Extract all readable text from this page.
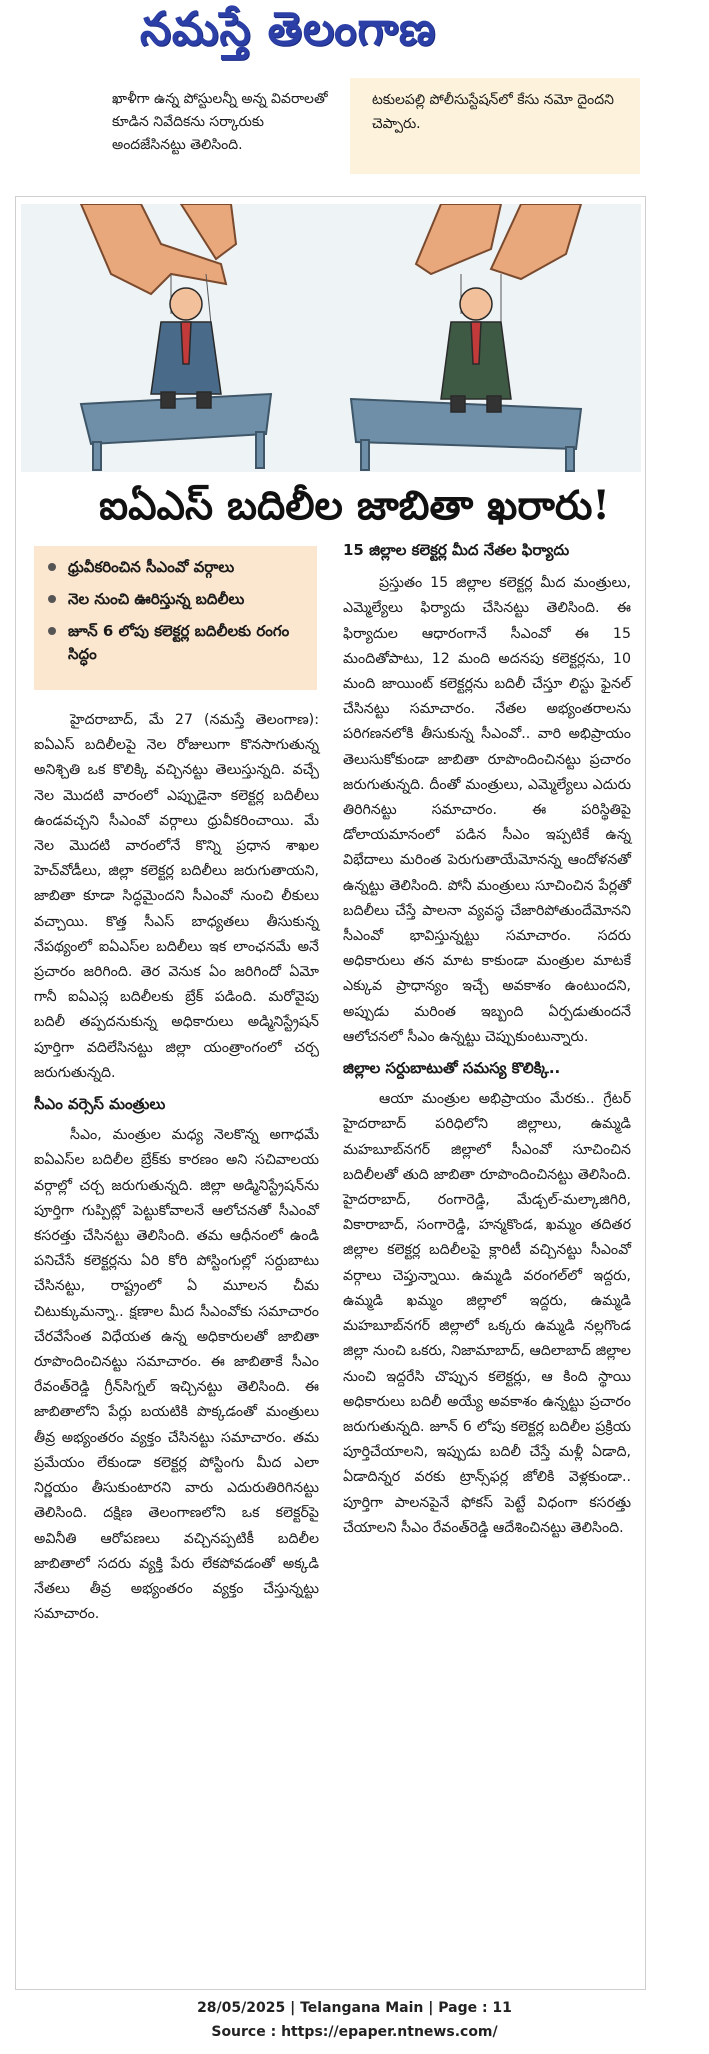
నమస్తే తెలంగాణ
ఖాళీగా ఉన్న పోస్టులన్నీ అన్న వివరాలతో కూడిన నివేదికను సర్కారుకు అందజేసినట్టు తెలిసింది.

టకులపల్లి పోలీసుస్టేషన్‌లో కేసు నమో దైందని చెప్పారు.

ఐఏఎస్ బదిలీల జాబితా ఖరారు!
ధ్రువీకరించిన సీఎంవో వర్గాలు
నెల నుంచి ఊరిస్తున్న బదిలీలు
జూన్ 6 లోపు కలెక్టర్ల బదిలీలకు రంగం సిద్ధం

హైదరాబాద్, మే 27 (నమస్తే తెలంగాణ): ఐఏఎస్ బదిలీలపై నెల రోజులుగా కొనసాగుతున్న అనిశ్చితి ఒక కొలిక్కి వచ్చినట్టు తెలుస్తున్నది. వచ్చే నెల మొదటి వారంలో ఎప్పుడైనా కలెక్టర్ల బదిలీలు ఉండవచ్చని సీఎంవో వర్గాలు ధ్రువీకరించాయి. మే నెల మొదటి వారంలోనే కొన్ని ప్రధాన శాఖల హెచ్‌వోడీలు, జిల్లా కలెక్టర్ల బదిలీలు జరుగుతాయని, జాబితా కూడా సిద్ధమైందని సీఎంవో నుంచి లీకులు వచ్చాయి. కొత్త సీఎస్ బాధ్యతలు తీసుకున్న నేపథ్యంలో ఐఏఎస్‌ల బదిలీలు ఇక లాంఛనమే అనే ప్రచారం జరిగింది. తెర వెనుక ఏం జరిగిందో ఏమో గానీ ఐఏఎస్ల బదిలీలకు బ్రేక్ పడింది. మరోవైపు బదిలీ తప్పదనుకున్న అధికారులు అడ్మినిస్ట్రేషన్ పూర్తిగా వదిలేసినట్టు జిల్లా యంత్రాంగంలో చర్చ జరుగుతున్నది.

సీఎం వర్సెస్ మంత్రులు

సీఎం, మంత్రుల మధ్య నెలకొన్న అగాధమే ఐఏఎస్‌ల బదిలీల బ్రేక్‌కు కారణం అని సచివాలయ వర్గాల్లో చర్చ జరుగుతున్నది. జిల్లా అడ్మినిస్ట్రేషన్‌ను పూర్తిగా గుప్పిట్లో పెట్టుకోవాలనే ఆలోచనతో సీఎంవో కసరత్తు చేసినట్టు తెలిసింది. తమ ఆధీనంలో ఉండి పనిచేసే కలెక్టర్లను ఏరి కోరి పోస్టింగుల్లో సర్దుబాటు చేసినట్టు, రాష్ట్రంలో ఏ మూలన చీమ చిటుక్కుమన్నా.. క్షణాల మీద సీఎంవోకు సమాచారం చేరవేసేంత విధేయత ఉన్న అధికారులతో జాబితా రూపొందించినట్టు సమాచారం. ఈ జాబితాకే సీఎం రేవంత్‌రెడ్డి గ్రీన్‌సిగ్నల్ ఇచ్చినట్టు తెలిసింది. ఈ జాబితాలోని పేర్లు బయటికి పొక్కడంతో మంత్రులు తీవ్ర అభ్యంతరం వ్యక్తం చేసినట్టు సమాచారం. తమ ప్రమేయం లేకుండా కలెక్టర్ల పోస్టింగు మీద ఎలా నిర్ణయం తీసుకుంటారని వారు ఎదురుతిరిగినట్టు తెలిసింది. దక్షిణ తెలంగాణలోని ఒక కలెక్టర్‌పై అవినీతి ఆరోపణలు వచ్చినప్పటికీ బదిలీల జాబితాలో సదరు వ్యక్తి పేరు లేకపోవడంతో అక్కడి నేతలు తీవ్ర అభ్యంతరం వ్యక్తం చేస్తున్నట్టు సమాచారం.

15 జిల్లాల కలెక్టర్ల మీద నేతల ఫిర్యాదు

ప్రస్తుతం 15 జిల్లాల కలెక్టర్ల మీద మంత్రులు, ఎమ్మెల్యేలు ఫిర్యాదు చేసినట్టు తెలిసింది. ఈ ఫిర్యాదుల ఆధారంగానే సీఎంవో ఈ 15 మందితోపాటు, 12 మంది అదనపు కలెక్టర్లను, 10 మంది జాయింట్ కలెక్టర్లను బదిలీ చేస్తూ లిస్టు ఫైనల్ చేసినట్టు సమాచారం. నేతల అభ్యంతరాలను పరిగణనలోకి తీసుకున్న సీఎంవో.. వారి అభిప్రాయం తెలుసుకోకుండా జాబితా రూపొందించినట్టు ప్రచారం జరుగుతున్నది. దీంతో మంత్రులు, ఎమ్మెల్యేలు ఎదురు తిరిగినట్టు సమాచారం. ఈ పరిస్థితిపై డోలాయమానంలో పడిన సీఎం ఇప్పటికే ఉన్న విభేదాలు మరింత పెరుగుతాయేమోనన్న ఆందోళనతో ఉన్నట్టు తెలిసింది. పోనీ మంత్రులు సూచించిన పేర్లతో బదిలీలు చేస్తే పాలనా వ్యవస్థ చేజారిపోతుందేమోనని సీఎంవో భావిస్తున్నట్టు సమాచారం. సదరు అధికారులు తన మాట కాకుండా మంత్రుల మాటకే ఎక్కువ ప్రాధాన్యం ఇచ్చే అవకాశం ఉంటుందని, అప్పుడు మరింత ఇబ్బంది ఏర్పడుతుందనే ఆలోచనలో సీఎం ఉన్నట్టు చెప్పుకుంటున్నారు.

జిల్లాల సర్దుబాటుతో సమస్య కొలిక్కి..

ఆయా మంత్రుల అభిప్రాయం మేరకు.. గ్రేటర్ హైదరాబాద్ పరిధిలోని జిల్లాలు, ఉమ్మడి మహబూబ్‌నగర్ జిల్లాలో సీఎంవో సూచించిన బదిలీలతో తుది జాబితా రూపొందించినట్టు తెలిసింది. హైదరాబాద్, రంగారెడ్డి, మేడ్చల్-మల్కాజిగిరి, వికారాబాద్, సంగారెడ్డి, హన్మకొండ, ఖమ్మం తదితర జిల్లాల కలెక్టర్ల బదిలీలపై క్లారిటీ వచ్చినట్టు సీఎంవో వర్గాలు చెప్తున్నాయి. ఉమ్మడి వరంగల్‌లో ఇద్దరు, ఉమ్మడి ఖమ్మం జిల్లాలో ఇద్దరు, ఉమ్మడి మహబూబ్‌నగర్ జిల్లాలో ఒక్కరు ఉమ్మడి నల్లగొండ జిల్లా నుంచి ఒకరు, నిజామాబాద్, ఆదిలాబాద్ జిల్లాల నుంచి ఇద్దరేసి చొప్పున కలెక్టర్లు, ఆ కింది స్థాయి అధికారులు బదిలీ అయ్యే అవకాశం ఉన్నట్టు ప్రచారం జరుగుతున్నది. జూన్ 6 లోపు కలెక్టర్ల బదిలీల ప్రక్రియ పూర్తిచేయాలని, ఇప్పుడు బదిలీ చేస్తే మళ్లీ ఏడాది, ఏడాదిన్నర వరకు ట్రాన్స్‌ఫర్ల జోలికి వెళ్లకుండా.. పూర్తిగా పాలనపైనే ఫోకస్ పెట్టే విధంగా కసరత్తు చేయాలని సీఎం రేవంత్‌రెడ్డి ఆదేశించినట్టు తెలిసింది.

28/05/2025 | Telangana Main | Page : 11
Source : https://epaper.ntnews.com/
